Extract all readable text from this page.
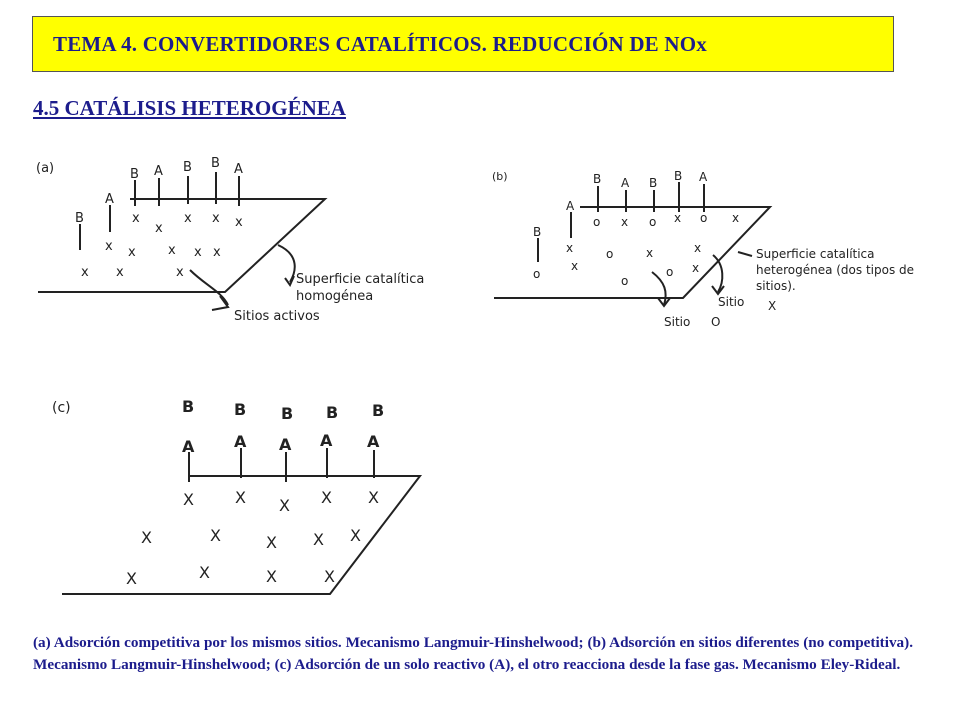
TEMA 4. CONVERTIDORES CATALÍTICOS. REDUCCIÓN DE NOx
4.5 CATÁLISIS HETEROGÉNEA
(a)
B
A
B A B B A
Superficie catalítica
homogénea
Sitios activos
x
x
x x x
x x x x x
x x	x
(b)
B
A
B A B B A
Superficie catalítica
heterogénea (dos tipos de
sitios).
Sitio X
Sitio O
o x o x o x
x	o	x	x
o
x
o
o x
(c)	B B B B B
A A A A A
X	X X X X
X	X	X X X
X	X	X	X
(a) Adsorción competitiva por los mismos sitios. Mecanismo Langmuir-Hinshelwood; (b) Adsorción en sitios diferentes (no competitiva). Mecanismo Langmuir-Hinshelwood; (c) Adsorción de un solo reactivo (A), el otro reacciona desde la fase gas. Mecanismo Eley-Rideal.
